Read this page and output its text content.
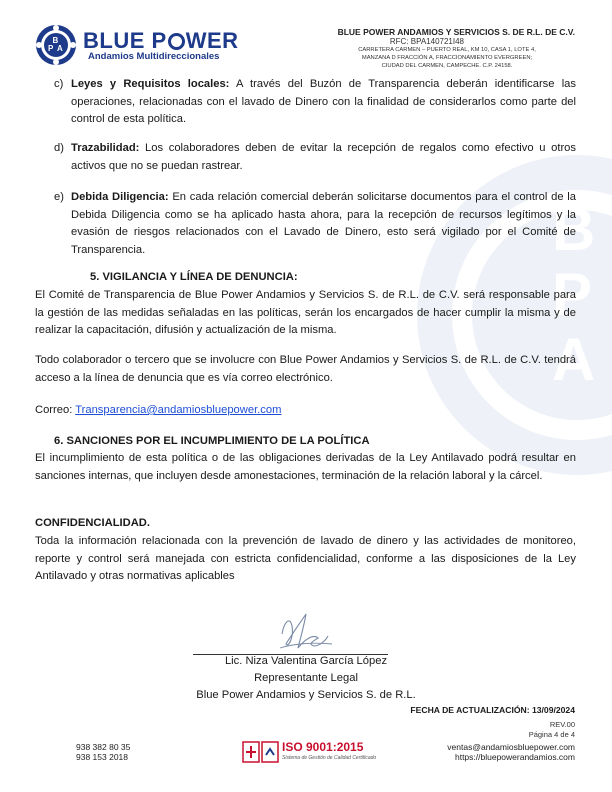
B
P
A
B
P A BLUE P WER
Andamios Multidireccionales
BLUE POWER ANDAMIOS Y SERVICIOS S. DE R.L. DE C.V.
RFC: BPA140721I48
CARRETERA CARMEN – PUERTO REAL, KM 10, CASA 1, LOTE 4,
MANZANA D FRACCIÓN A, FRACCIONAMIENTO EVERGREEN;
CIUDAD DEL CARMEN, CAMPECHE. C.P. 24158.
c) Leyes y Requisitos locales: A través del Buzón de Transparencia deberán identificarse las operaciones, relacionadas con el lavado de Dinero con la finalidad de considerarlos como parte del control de esta política.
d) Trazabilidad: Los colaboradores deben de evitar la recepción de regalos como efectivo u otros activos que no se puedan rastrear.
e) Debida Diligencia: En cada relación comercial deberán solicitarse documentos para el control de la Debida Diligencia como se ha aplicado hasta ahora, para la recepción de recursos legítimos y la evasión de riesgos relacionados con el Lavado de Dinero, esto será vigilado por el Comité de Transparencia.
5. VIGILANCIA Y LÍNEA DE DENUNCIA:
El Comité de Transparencia de Blue Power Andamios y Servicios S. de R.L. de C.V. será responsable para la gestión de las medidas señaladas en las políticas, serán los encargados de hacer cumplir la misma y de realizar la capacitación, difusión y actualización de la misma.
Todo colaborador o tercero que se involucre con Blue Power Andamios y Servicios S. de R.L. de C.V. tendrá acceso a la línea de denuncia que es vía correo electrónico.
Correo: Transparencia@andamiosbluepower.com
6. SANCIONES POR EL INCUMPLIMIENTO DE LA POLÍTICA
El incumplimiento de esta política o de las obligaciones derivadas de la Ley Antilavado podrá resultar en sanciones internas, que incluyen desde amonestaciones, terminación de la relación laboral y la cárcel.
CONFIDENCIALIDAD.
Toda la información relacionada con la prevención de lavado de dinero y las actividades de monitoreo, reporte y control será manejada con estricta confidencialidad, conforme a las disposiciones de la Ley Antilavado y otras normativas aplicables
Lic. Niza Valentina García López
Representante Legal
Blue Power Andamios y Servicios S. de R.L.
FECHA DE ACTUALIZACIÓN: 13/09/2024
REV.00
Página 4 de 4
938 382 80 35
938 153 2018
ISO 9001:2015
Sistema de Gestión de Calidad Certificado
ventas@andamiosbluepower.com
https://bluepowerandamios.com
